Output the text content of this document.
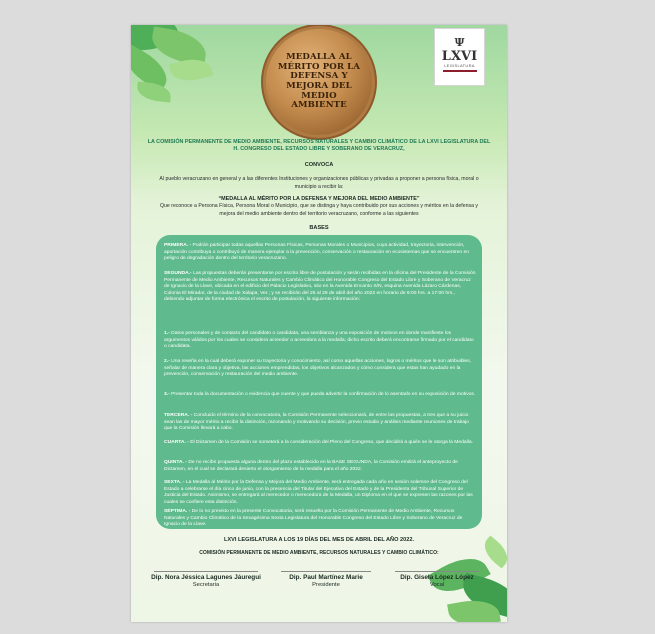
MEDALLA AL MÉRITO POR LA DEFENSA Y MEJORA DEL MEDIO AMBIENTE
Ψ
LXVI
LEGISLATURA
LA COMISIÓN PERMANENTE DE MEDIO AMBIENTE, RECURSOS NATURALES Y CAMBIO CLIMÁTICO DE LA LXVI LEGISLATURA DEL H. CONGRESO DEL ESTADO LIBRE Y SOBERANO DE VERACRUZ,
CONVOCA
Al pueblo veracruzano en general y a las diferentes Instituciones y organizaciones públicas y privadas a proponer a persona física, moral o municipio a recibir la:
“MEDALLA AL MÉRITO POR LA DEFENSA Y MEJORA DEL MEDIO AMBIENTE”
Que reconoce a Persona Física, Persona Moral o Municipio, que se distinga y haya contribuido por sus acciones y méritos en la defensa y mejora del medio ambiente dentro del territorio veracruzano, conforme a las siguientes
BASES

PRIMERA. - Podrán participar todas aquellas Personas Físicas, Personas Morales o Municipios, cuya actividad, trayectoria, intervención, aportación contribuya o contribuyó de manera ejemplar a la prevención, conservación o restauración en ecosistemas que se encuentren en peligro de degradación dentro del territorio veracruzano.

SEGUNDA.- Las propuestas deberán presentarse por escrito libre de postulación y serán recibidas en la oficina del Presidente de la Comisión Permanente de Medio Ambiente, Recursos Naturales y Cambio Climático del Honorable Congreso del Estado Libre y Soberano de Veracruz de Ignacio de la Llave, ubicada en el edificio del Palacio Legislativo, sito en la Avenida Encanto S/N, esquina Avenida Lázaro Cárdenas, Colonia El Mirador, de la ciudad de Xalapa, Ver.; y se recibirán del 25 al 29 de abril del año 2022 en horario de 9:00 hrs. a 17:00 hrs., debiendo adjuntar de forma electrónica el escrito de postulación, la siguiente información:

1.- Datos personales y de contacto del candidato o candidata, una semblanza y una exposición de motivos en donde manifieste los argumentos válidos por los cuales se considera acreedor o acreedora a la medalla; dicho escrito deberá encontrarse firmado por el candidato o candidata.

2.- Una reseña en la cual deberá exponer su trayectoria y conocimiento, así como aquellas acciones, logros o méritos que le son atribuibles, señalar de manera clara y objetiva, las acciones emprendidas, los objetivos alcanzados y cómo considera que estas han ayudado en la prevención, conservación y restauración del medio ambiente.

3.- Presentar toda la documentación o evidencia que cuente y que pueda advertir la confirmación de lo asentado en su exposición de motivos.

TERCERA. - Concluido el término de la convocatoria, la Comisión Permanente seleccionará, de entre las propuestas, a tres que a su juicio sean las de mayor mérito a recibir la distinción, razonando y motivando su decisión, previo estudio y análisis mediante reuniones de trabajo que la Comisión llevará a cabo.

CUARTA. - El Dictamen de la Comisión se someterá a la consideración del Pleno del Congreso, que decidirá a quién se le otorga la Medalla.

QUINTA. - De no recibir propuesta alguna dentro del plazo establecido en la BASE SEGUNDA, la Comisión emitirá el anteproyecto de Dictamen, en el cual se declarará desierto el otorgamiento de la medalla para el año 2022.

SEXTA. - La Medalla al Mérito por la Defensa y Mejora del Medio Ambiente, será entregada cada año en sesión solemne del Congreso del Estado a celebrarse el día cinco de junio, con la presencia del Titular del Ejecutivo del Estado y de la Presidenta del Tribunal Superior de Justicia del Estado. Asimismo, se entregará al merecedor o merecedora de la Medalla, un Diploma en el que se expresen las razones por las cuales se confiere esta distinción.

SÉPTIMA. - De lo no previsto en la presente Convocatoria, será resuelto por la Comisión Permanente de Medio Ambiente, Recursos Naturales y Cambio Climático de la Sexagésima Sexta Legislatura del Honorable Congreso del Estado Libre y Soberano de Veracruz de Ignacio de la Llave.

LXVI LEGISLATURA A LOS 19 DÍAS DEL MES DE ABRIL DEL AÑO 2022.
COMISIÓN PERMANENTE DE MEDIO AMBIENTE, RECURSOS NATURALES Y CAMBIO CLIMÁTICO:
Dip. Nora Jéssica Lagunes Jáuregui
Secretaria
Dip. Paul Martínez Marie
Presidente
Dip. Gisela López López
Vocal
